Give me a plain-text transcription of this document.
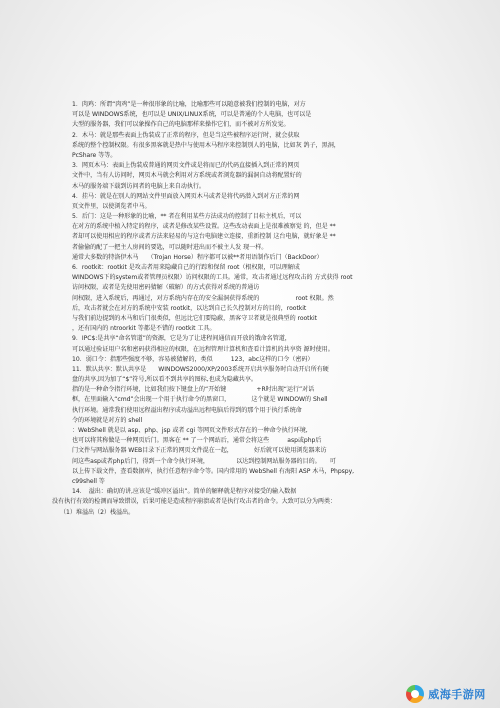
1．肉鸡：所谓“肉鸡”是一种很形象的比喻，比喻那些可以随意被我们控制的电脑，对方
可以是 WINDOWS系统，也可以是 UNIX/LINUX系统，可以是普通的个人电脑，也可以是
大型的服务器，我们可以象操作自己的电脑那样来操作它们，而不被对方所发觉。
2．木马：就是那些表面上伪装成了正常的程序，但是当这些被程序运行时，就会获取
系统的整个控制权限。有很多黑客就是热中与使用木马程序来控制别人的电脑，比如灰 鸽子，黑洞，
PcShare 等等。
3．网页木马：表面上伪装成普通的网页文件或是将而已的代码直接插入到正常的网页
文件中，当有人访问时，网页木马就会利用对方系统或者浏览器的漏洞自动将配置好的
木马的服务端下载到访问者的电脑上来自动执行。
4．挂马：就是在别人的网站文件里面放入网页木马或者是将代码潜入到对方正常的网
页文件里，以使浏览者中马。
5．后门：这是一种形象的比喻，** 者在利用某些方法成功的控制了目标主机后，可以
在对方的系统中植入特定的程序，或者是修改某些设置。这些改动表面上是很难被察觉 的，但是 **
者却可以使用相应的程序或者方法来轻易的与这台电脑建立连接，重新控制 这台电脑，就好象是 **
者偷偷的配了一把主人房间的要匙，可以随时进出而不被主人发 现一样。
通常大多数的特洛伊木马　　（Trojan Horse）程序都可以被**者用语制作后门（BackDoor）
6．rootkit：rootkit 是攻击者用来隐藏自己的行踪和保留 root（根权限，可以理解成
WINDOWS下的system或者管理员权限）访问权限的工具。通常，攻击者通过远程攻击的 方式获得 root
访问权限，或者是先使用密码猜解（破解）的方式获得对系统的普通访
问权限，进入系统后，再通过，对方系统内存在的安全漏洞获得系统的　　　　　　root 权限。然
后，攻击者就会在对方的系统中安装 rootkit，以达到自己长久控制对方的目的，rootkit
与我们前边提到的木马和后门很类似，但远比它们要隐蔽，黑客守卫者就是很典型的 rootkit
，还有国内的 ntroorkit 等都是不错的 rootkit 工具。
9．IPC$:是共享“命名管道”的资源，它是为了让进程间通信而开放的饿命名管道，
可以通过验证用户名和密码获得相应的权限，在远程管理计算机和查看计算机的共享资 源时使用。
10．弱口令：指那些强度不够，容易被猜解的，类似　　　123，abc这样的口令（密码）
11．默认共享：默认共享是　　WINDOWS2000/XP/2003系统开启共享服务时自动开启所有硬
盘的共享,因为加了“$”符号,所以看不到共享的图标,也成为隐藏共享。
指的是一种命令指行环境，比如我们按下键盘上的“开始键　　　　　+R时出现“运行”对话
框，在里面输入“cmd”会出现一个用于执行命令的黑窗口，　　　　这个就是 WINDOW的 Shell
执行环境。通常我们使用远程溢出程序成功溢出远程电脑后得到的那个用于执行系统命
令的环境就是对方的 shell
：WebShell 就是以 asp、php、jsp 或者 cgi 等网页文件形式存在的一种命令执行环境,
也可以将其称做是一种网页后门。黑客在 ** 了一个网站后，通常会将这些　　　asp或php后
门文件与网站服务器 WEB目录下正常的网页文件混在一起，　　　　好后就可以使用浏览器来访
问这些asp或者php后门，得到一个命令执行环境，　　　　　以达到控制网站服务器的目的。　　可
以上传下载文件，查看数据库，执行任意程序命令等。国内常用的 WebShell 有海阳 ASP 木马，Phpspy,
c99shell 等
14．　溢出：确切的讲,应该是“缓冲区溢出”。简单的解释就是程序对接受的输入数据
没有执行有效的检测而导致错误，后果可能是造成程序崩溃或者是执行攻击者的命令。大致可以分为两类：
（1）堆溢出（2）栈溢出。
威海手游网
